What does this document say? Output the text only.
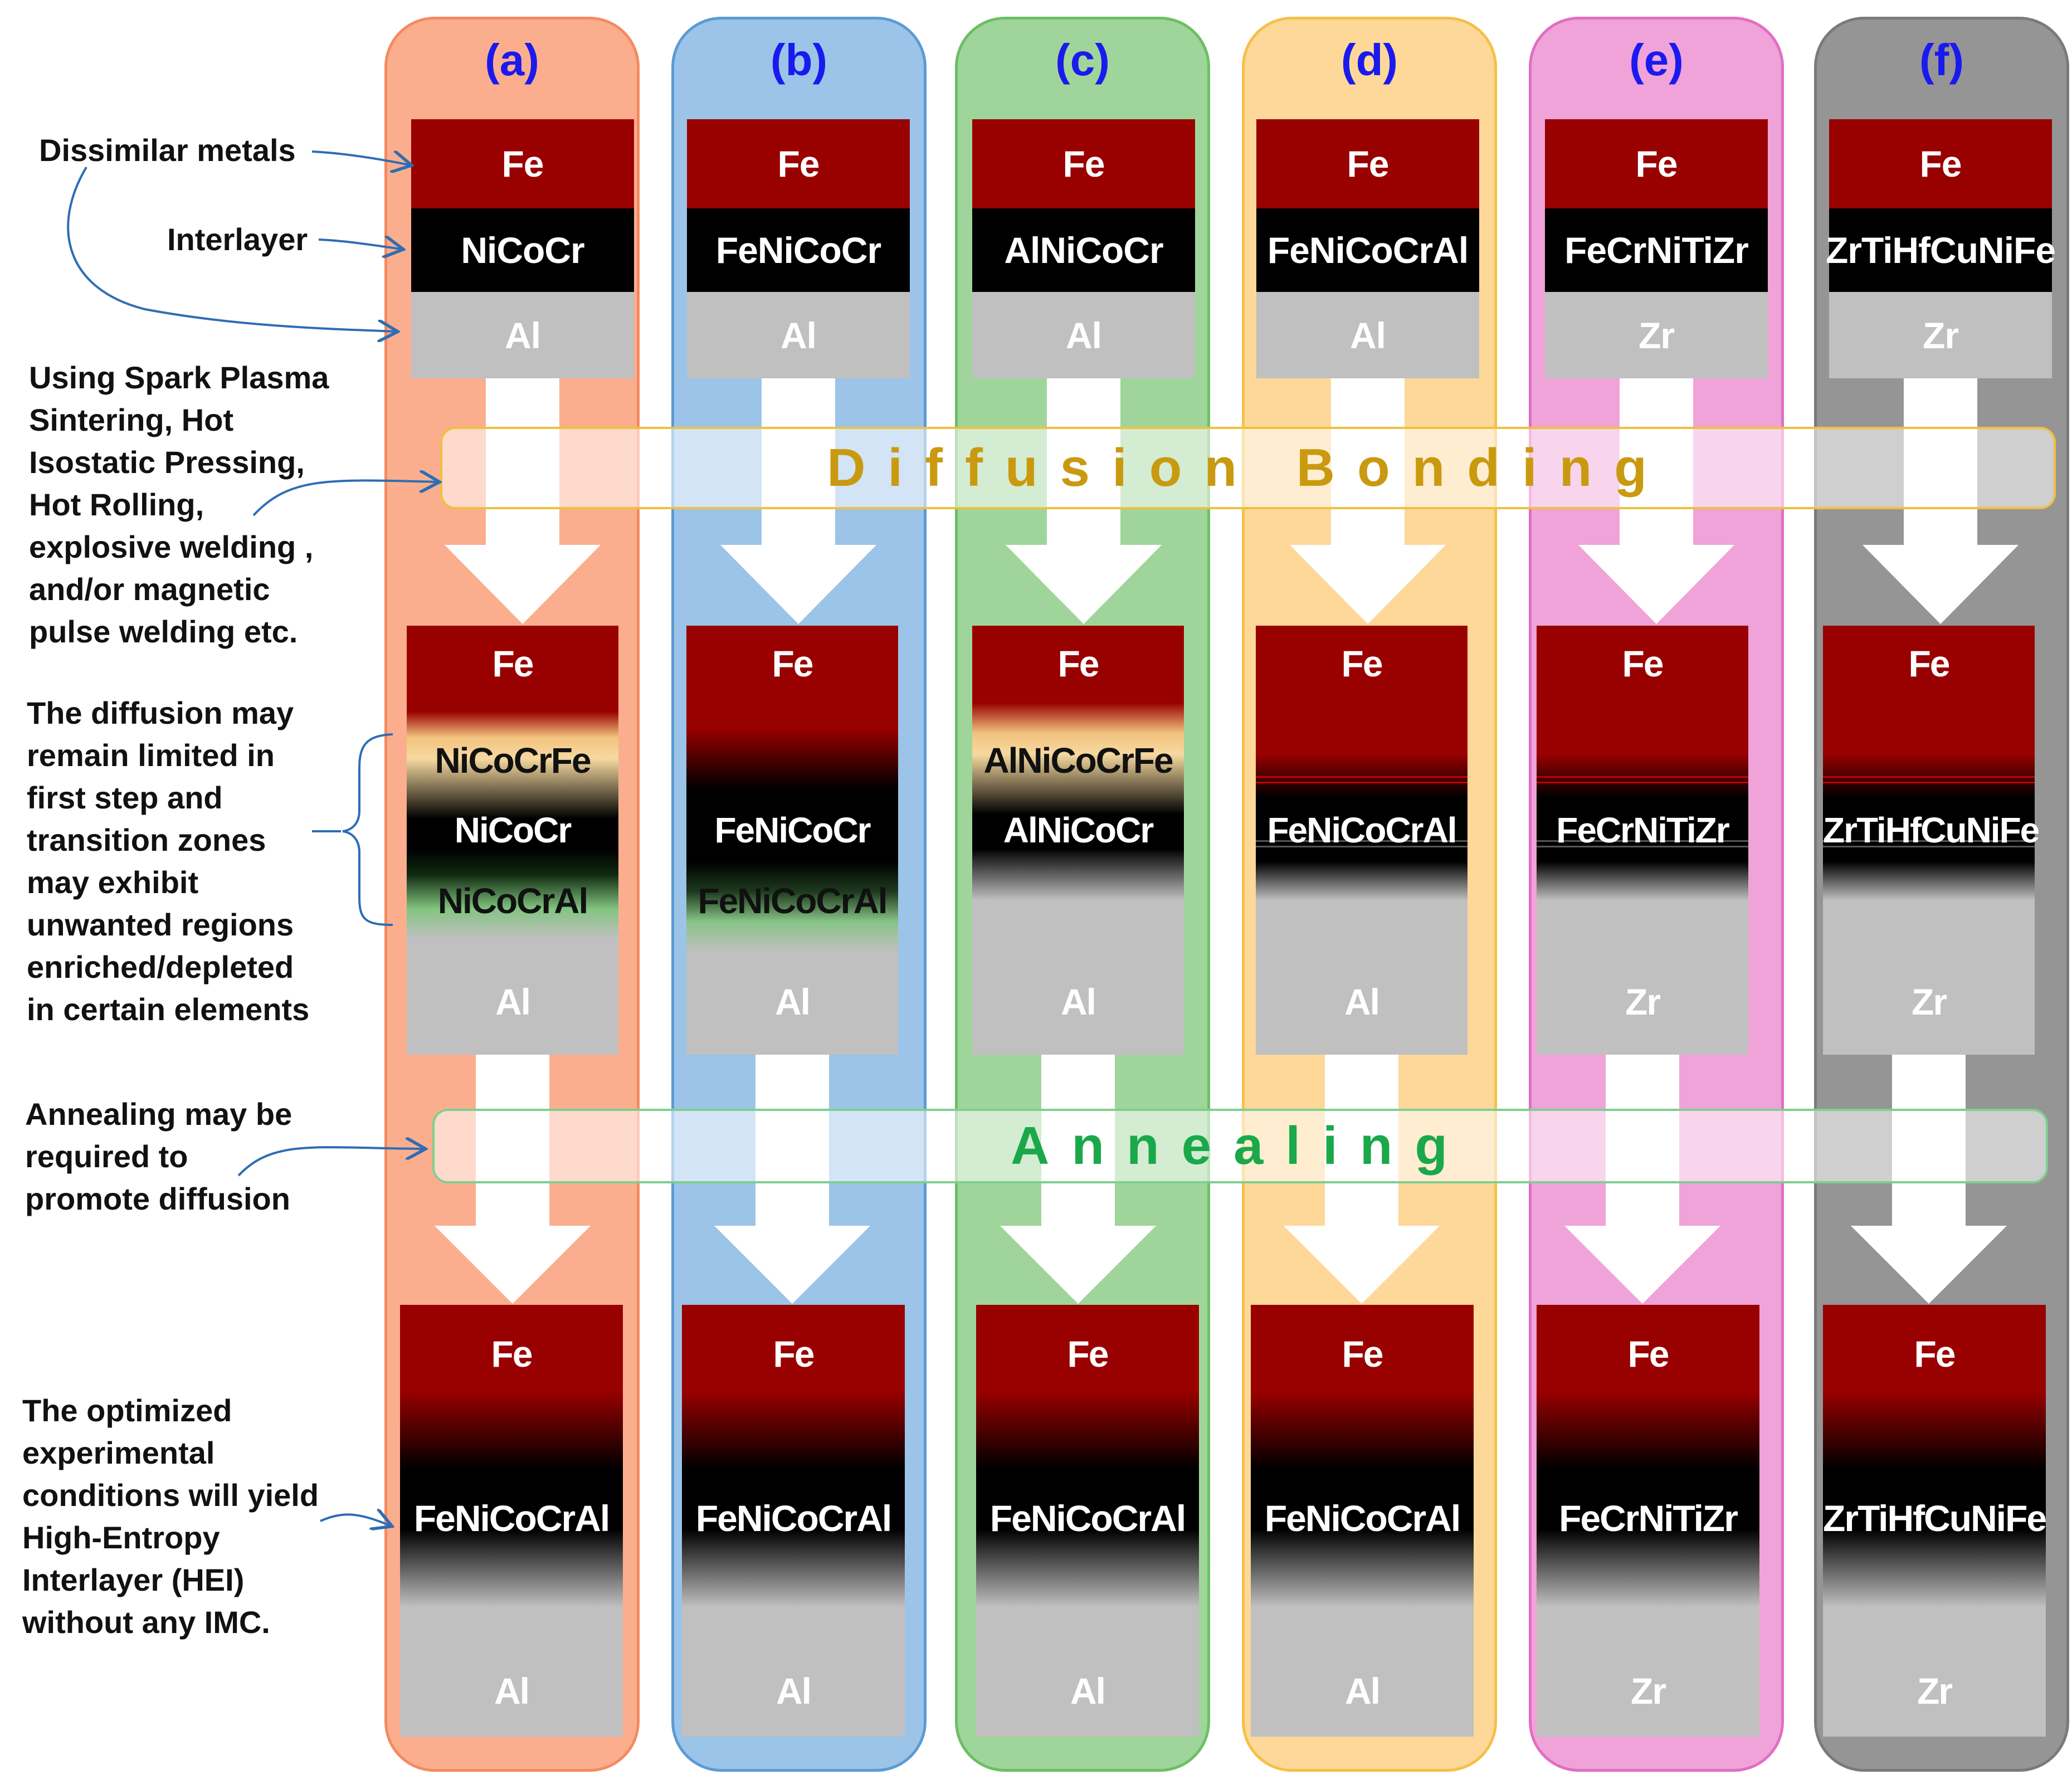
(a)
Fe
NiCoCr
Al
Fe
NiCoCrFe
NiCoCr
NiCoCrAl
Al
Fe
FeNiCoCrAl
Al
(b)
Fe
FeNiCoCr
Al
Fe
FeNiCoCr
FeNiCoCrAl
Al
Fe
FeNiCoCrAl
Al
(c)
Fe
AlNiCoCr
Al
Fe
AlNiCoCrFe
AlNiCoCr
Al
Fe
FeNiCoCrAl
Al
(d)
Fe
FeNiCoCrAl
Al
Fe
FeNiCoCrAl
Al
Fe
FeNiCoCrAl
Al
(e)
Fe
FeCrNiTiZr
Zr
Fe
FeCrNiTiZr
Zr
Fe
FeCrNiTiZr
Zr
(f)
Fe
ZrTiHfCuNiFe
Zr
Fe
ZrTiHfCuNiFe
Zr
Fe
ZrTiHfCuNiFe
Zr
Diffusion Bonding
Annealing
Dissimilar metals
Interlayer
Using Spark Plasma
Sintering, Hot
Isostatic Pressing,
Hot Rolling,
explosive welding ,
and/or magnetic
pulse welding etc.
The diffusion may
remain limited in
first step and
transition zones
may exhibit
unwanted regions
enriched/depleted
in certain elements
Annealing may be
required to
promote diffusion
The optimized
experimental
conditions will yield
High-Entropy
Interlayer (HEI)
without any IMC.
